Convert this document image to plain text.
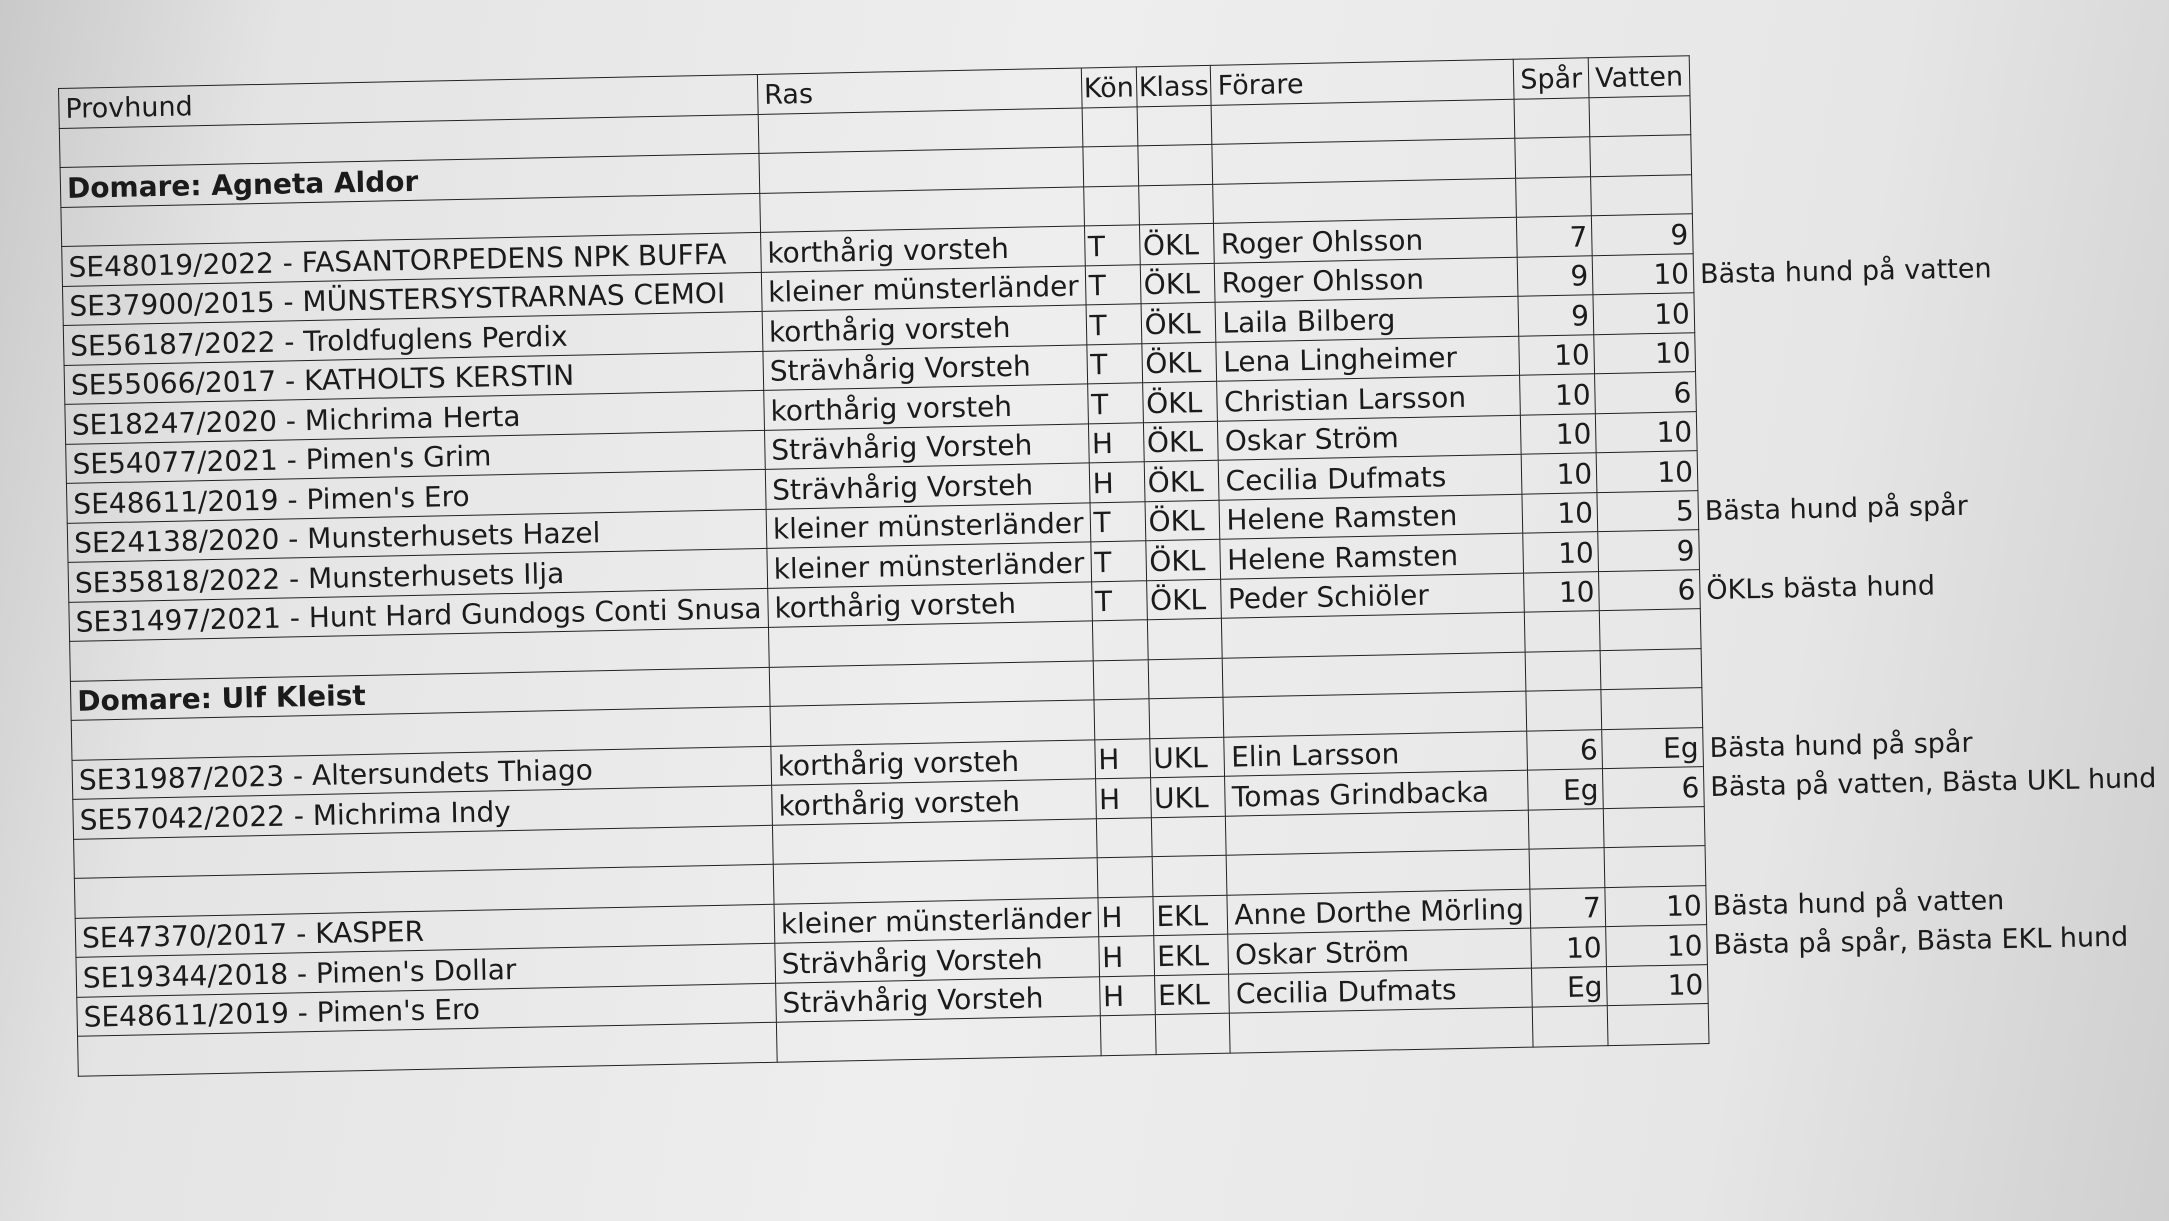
Provhund	Ras	Kön	Klass	Förare	Spår	Vatten	

Domare: Agneta Aldor							

SE48019/2022 - FASANTORPEDENS NPK BUFFA	korthårig vorsteh	T	ÖKL	Roger Ohlsson	7	9	
SE37900/2015 - MÜNSTERSYSTRARNAS CEMOI	kleiner münsterländer	T	ÖKL	Roger Ohlsson	9	10	Bästa hund på vatten
SE56187/2022 - Troldfuglens Perdix	korthårig vorsteh	T	ÖKL	Laila Bilberg	9	10	
SE55066/2017 - KATHOLTS KERSTIN	Strävhårig Vorsteh	T	ÖKL	Lena Lingheimer	10	10	
SE18247/2020 - Michrima Herta	korthårig vorsteh	T	ÖKL	Christian Larsson	10	6	
SE54077/2021 - Pimen's Grim	Strävhårig Vorsteh	H	ÖKL	Oskar Ström	10	10	
SE48611/2019 - Pimen's Ero	Strävhårig Vorsteh	H	ÖKL	Cecilia Dufmats	10	10	
SE24138/2020 - Munsterhusets Hazel	kleiner münsterländer	T	ÖKL	Helene Ramsten	10	5	Bästa hund på spår
SE35818/2022 - Munsterhusets Ilja	kleiner münsterländer	T	ÖKL	Helene Ramsten	10	9	
SE31497/2021 - Hunt Hard Gundogs Conti Snusa	korthårig vorsteh	T	ÖKL	Peder Schiöler	10	6	ÖKLs bästa hund

Domare: Ulf Kleist							

SE31987/2023 - Altersundets Thiago	korthårig vorsteh	H	UKL	Elin Larsson	6	Eg	Bästa hund på spår
SE57042/2022 - Michrima Indy	korthårig vorsteh	H	UKL	Tomas Grindbacka	Eg	6	Bästa på vatten, Bästa UKL hund

SE47370/2017 - KASPER	kleiner münsterländer	H	EKL	Anne Dorthe Mörling	7	10	Bästa hund på vatten
SE19344/2018 - Pimen's Dollar	Strävhårig Vorsteh	H	EKL	Oskar Ström	10	10	Bästa på spår, Bästa EKL hund
SE48611/2019 - Pimen's Ero	Strävhårig Vorsteh	H	EKL	Cecilia Dufmats	Eg	10	
